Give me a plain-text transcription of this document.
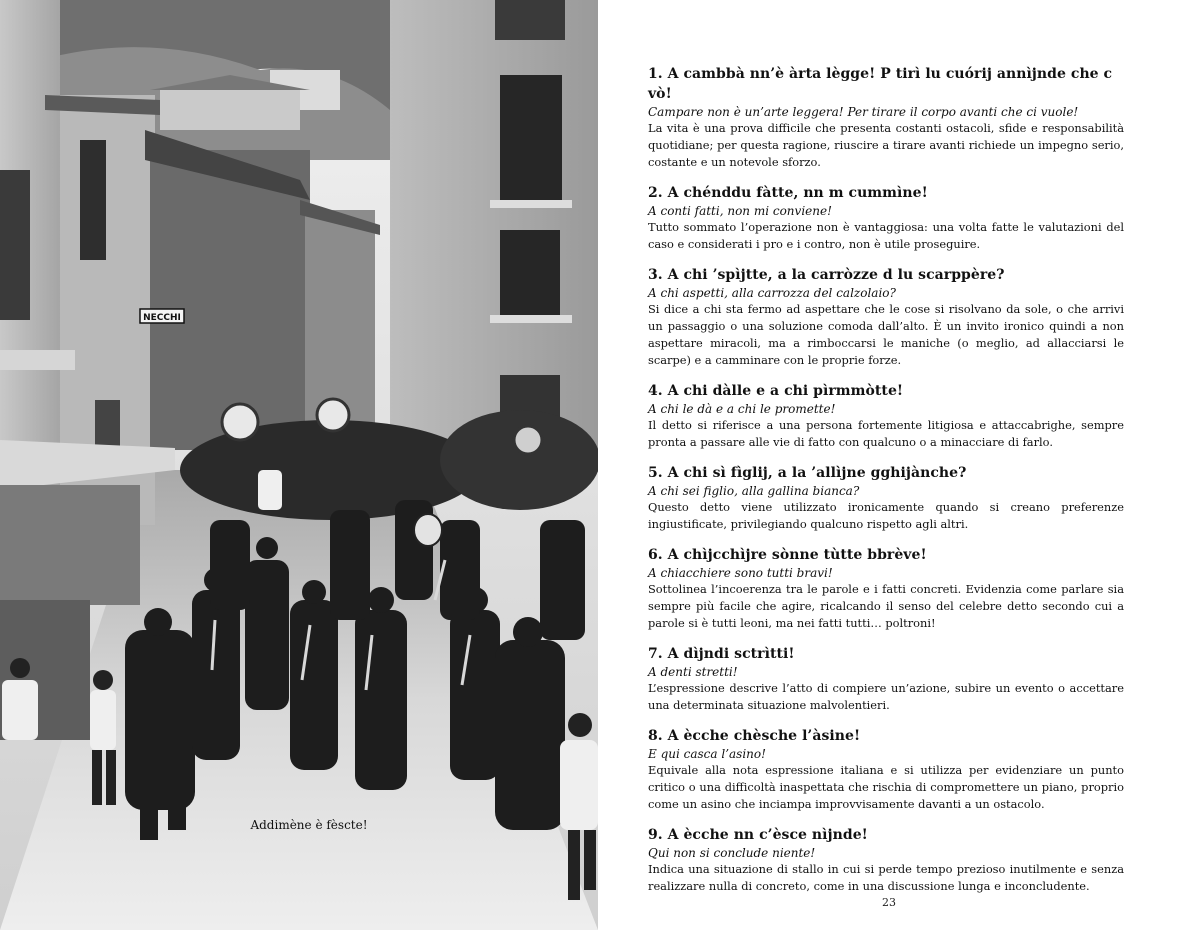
NECCHI
Addimène è fèscte!

1. A cambbà nn’è àrta lègge! P tirì lu cuórij annìjnde che c vò!

Campare non è un’arte leggera! Per tirare il corpo avanti che ci vuole!

La vita è una prova difficile che presenta costanti ostacoli, sfide e responsabilità quotidiane; per questa ragione, riuscire a tirare avanti richiede un impegno serio, costante e un notevole sforzo.

2. A chénddu fàtte, nn m cummìne!

A conti fatti, non mi conviene!

Tutto sommato l’operazione non è vantaggiosa: una volta fatte le valutazioni del caso e considerati i pro e i contro, non è utile proseguire.

3. A chi ’spìjtte, a la carròzze d lu scarppère?

A chi aspetti, alla carrozza del calzolaio?

Si dice a chi sta fermo ad aspettare che le cose si risolvano da sole, o che arrivi un passaggio o una soluzione comoda dall’alto. È un invito ironico quindi a non aspettare miracoli, ma a rimboccarsi le maniche (o meglio, ad allacciarsi le scarpe) e a camminare con le proprie forze.

4. A chi dàlle e a chi pìrmmòtte!

A chi le dà e a chi le promette!

Il detto si riferisce a una persona fortemente litigiosa e attaccabrighe, sempre pronta a passare alle vie di fatto con qualcuno o a minacciare di farlo.

5. A chi sì fìglij, a la ’allìjne gghijànche?

A chi sei figlio, alla gallina bianca?

Questo detto viene utilizzato ironicamente quando si creano preferenze ingiustificate, privilegiando qualcuno rispetto agli altri.

6. A chìjcchìjre sònne tùtte bbrève!

A chiacchiere sono tutti bravi!

Sottolinea l’incoerenza tra le parole e i fatti concreti. Evidenzia come parlare sia sempre più facile che agire, ricalcando il senso del celebre detto secondo cui a parole si è tutti leoni, ma nei fatti tutti… poltroni!

7. A dìjndi sctrìtti!

A denti stretti!

L’espressione descrive l’atto di compiere un’azione, subire un evento o accettare una determinata situazione malvolentieri.

8. A ècche chèsche l’àsine!

E qui casca l’asino!

Equivale alla nota espressione italiana e si utilizza per evidenziare un punto critico o una difficoltà inaspettata che rischia di compromettere un piano, proprio come un asino che inciampa improvvisamente davanti a un ostacolo.

9. A ècche nn c’èsce nìjnde!

Qui non si conclude niente!

Indica una situazione di stallo in cui si perde tempo prezioso inutilmente e senza realizzare nulla di concreto, come in una discussione lunga e inconcludente.

23
